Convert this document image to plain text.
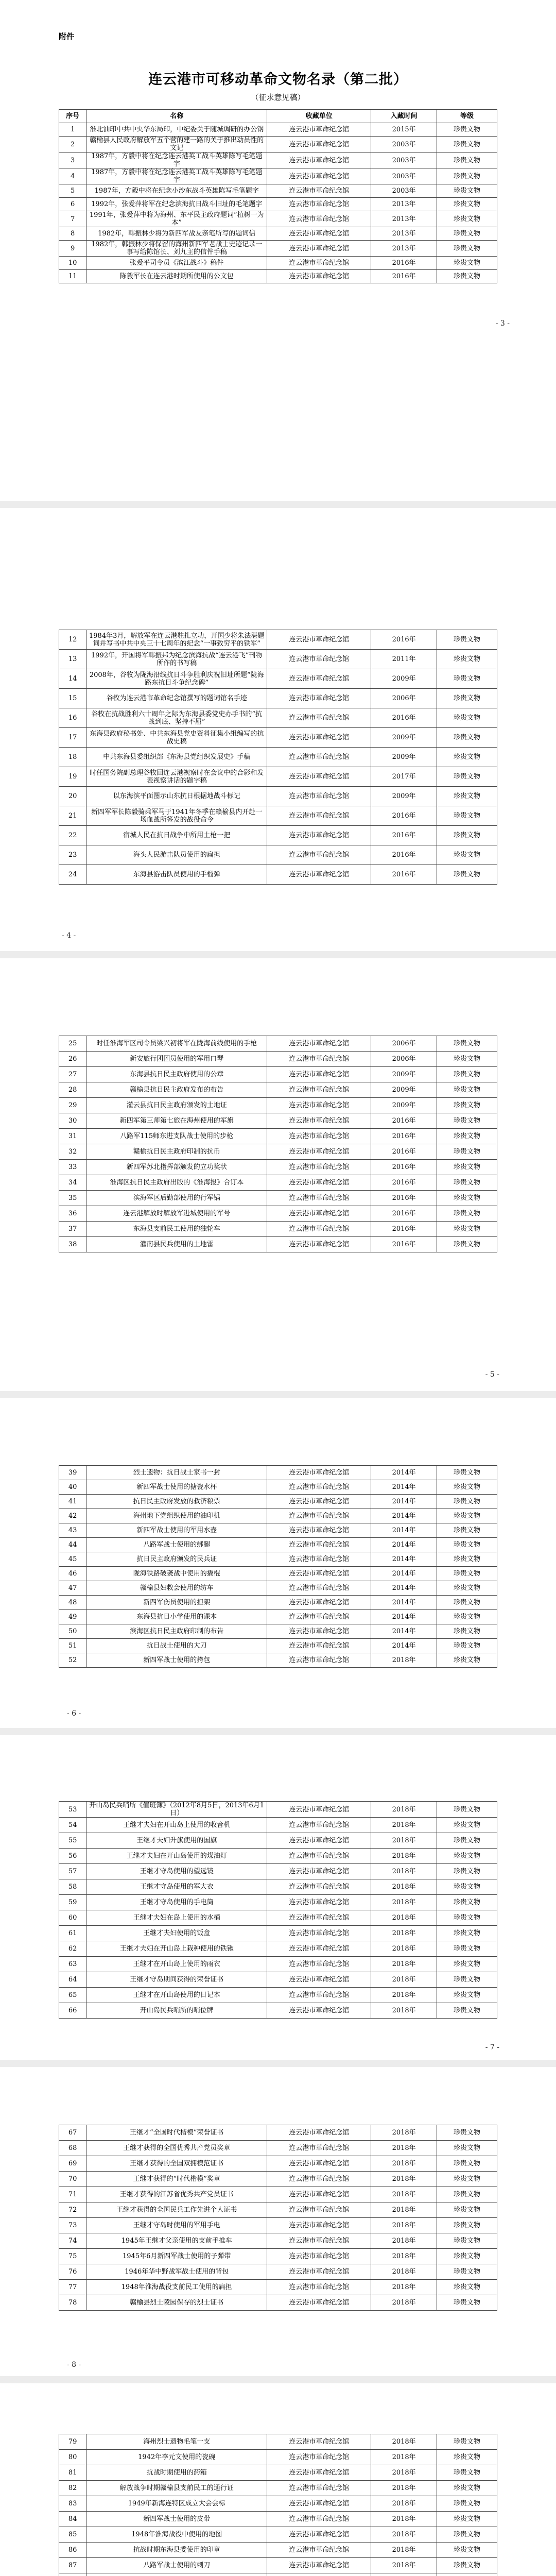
附件
连云港市可移动革命文物名录（第二批）
（征求意见稿）
序号	名称	收藏单位	入藏时间	等级
1	淮北油印中共中央华东局印，中纪委关于随城调研的办公钢	连云港市革命纪念馆	2015年	珍贵文物
2	赣榆县人民政府解放军五个营的建一路的关于推出动员性的文记	连云港市革命纪念馆	2003年	珍贵文物
3	1987年，方毅中将在纪念连云港英工战斗英雄陈写毛笔题字	连云港市革命纪念馆	2003年	珍贵文物
4	1987年，方毅中将在纪念连云港英工战斗英雄陈写毛笔题字	连云港市革命纪念馆	2003年	珍贵文物
5	1987年，方毅中将在纪念小沙东战斗英雄陈写毛笔题字	连云港市革命纪念馆	2003年	珍贵文物
6	1992年，张爱萍将军在纪念滨海抗日战斗旧址的毛笔题字	连云港市革命纪念馆	2013年	珍贵文物
7	1991年，张爱萍中将为海州、东平民主政府题词“植树一为本”	连云港市革命纪念馆	2013年	珍贵文物
8	1982年，韩振林少将为新四军战友亲笔所写的题词信	连云港市革命纪念馆	2013年	珍贵文物
9	1982年，韩振林少将保留的海州新四军老战士史迹记录一事写给陈馆长、刘九主的信件手稿	连云港市革命纪念馆	2013年	珍贵文物
10	张爱平司令员《滨江战斗》稿件	连云港市革命纪念馆	2016年	珍贵文物
11	陈毅军长在连云港时期所使用的公文包	连云港市革命纪念馆	2016年	珍贵文物
- 3 -
12	1984年3月，解放军在连云港驻扎立功，开国少将朱法湛题词并写书中共中央三十七周年的纪念“一事致穷平的铁军”	连云港市革命纪念馆	2016年	珍贵文物
13	1992年，开国将军韩振邦为纪念滨海抗战“连云港飞”刊物所作的书写稿	连云港市革命纪念馆	2011年	珍贵文物
14	2008年，谷牧为陇海沿线抗日斗争胜利庆祝旧址所题“陇海路东抗日斗争纪念碑”	连云港市革命纪念馆	2009年	珍贵文物
15	谷牧为连云港市革命纪念馆撰写的题词馆名手迹	连云港市革命纪念馆	2006年	珍贵文物
16	谷牧在抗战胜利六十周年之际为东海县委党史办手书的“抗战到底、坚持不屈”	连云港市革命纪念馆	2016年	珍贵文物
17	东海县政府秘书处、中共东海县党史资料征集小组编写的抗战史稿	连云港市革命纪念馆	2009年	珍贵文物
18	中共东海县委组织部《东海县党组织发展史》手稿	连云港市革命纪念馆	2009年	珍贵文物
19	时任国务院副总理谷牧回连云港视察时在会议中的合影和发表视察讲话的题字稿	连云港市革命纪念馆	2017年	珍贵文物
20	以东海滨平面图示山东抗日根据地战斗标记	连云港市革命纪念馆	2009年	珍贵文物
21	新四军军长陈毅骑乘军马于1941年冬季在赣榆县内开赴一场血战所签发的战役命令	连云港市革命纪念馆	2016年	珍贵文物
22	宿城人民在抗日战争中所用土枪一把	连云港市革命纪念馆	2016年	珍贵文物
23	海头人民游击队员使用的扁担	连云港市革命纪念馆	2016年	珍贵文物
24	东海县游击队员使用的手榴弹	连云港市革命纪念馆	2016年	珍贵文物
- 4 -
25	时任淮海军区司令员梁兴初将军在陇海前线使用的手枪	连云港市革命纪念馆	2006年	珍贵文物
26	新安旅行团团员使用的军用口琴	连云港市革命纪念馆	2006年	珍贵文物
27	东海县抗日民主政府使用的公章	连云港市革命纪念馆	2009年	珍贵文物
28	赣榆县抗日民主政府发布的布告	连云港市革命纪念馆	2009年	珍贵文物
29	灌云县抗日民主政府颁发的土地证	连云港市革命纪念馆	2009年	珍贵文物
30	新四军第三师第七旅在海州使用的军旗	连云港市革命纪念馆	2016年	珍贵文物
31	八路军115师东进支队战士使用的步枪	连云港市革命纪念馆	2016年	珍贵文物
32	赣榆抗日民主政府印制的抗币	连云港市革命纪念馆	2016年	珍贵文物
33	新四军苏北指挥部颁发的立功奖状	连云港市革命纪念馆	2016年	珍贵文物
34	淮海区抗日民主政府出版的《淮海报》合订本	连云港市革命纪念馆	2016年	珍贵文物
35	滨海军区后勤部使用的行军锅	连云港市革命纪念馆	2016年	珍贵文物
36	连云港解放时解放军进城使用的军号	连云港市革命纪念馆	2016年	珍贵文物
37	东海县支前民工使用的独轮车	连云港市革命纪念馆	2016年	珍贵文物
38	灌南县民兵使用的土地雷	连云港市革命纪念馆	2016年	珍贵文物
- 5 -
39	烈士遗物：抗日战士家书一封	连云港市革命纪念馆	2014年	珍贵文物
40	新四军战士使用的搪瓷水杯	连云港市革命纪念馆	2014年	珍贵文物
41	抗日民主政府发放的救济粮票	连云港市革命纪念馆	2014年	珍贵文物
42	海州地下党组织使用的油印机	连云港市革命纪念馆	2014年	珍贵文物
43	新四军战士使用的军用水壶	连云港市革命纪念馆	2014年	珍贵文物
44	八路军战士使用的绑腿	连云港市革命纪念馆	2014年	珍贵文物
45	抗日民主政府颁发的民兵证	连云港市革命纪念馆	2014年	珍贵文物
46	陇海铁路破袭战中使用的撬棍	连云港市革命纪念馆	2014年	珍贵文物
47	赣榆县妇救会使用的纺车	连云港市革命纪念馆	2014年	珍贵文物
48	新四军伤员使用的担架	连云港市革命纪念馆	2014年	珍贵文物
49	东海县抗日小学使用的课本	连云港市革命纪念馆	2014年	珍贵文物
50	滨海区抗日民主政府印制的布告	连云港市革命纪念馆	2014年	珍贵文物
51	抗日战士使用的大刀	连云港市革命纪念馆	2014年	珍贵文物
52	新四军战士使用的挎包	连云港市革命纪念馆	2018年	珍贵文物
- 6 -
53	开山岛民兵哨所《值班簿》（2012年8月5日，2013年6月1日）	连云港市革命纪念馆	2018年	珍贵文物
54	王继才夫妇在开山岛上使用的收音机	连云港市革命纪念馆	2018年	珍贵文物
55	王继才夫妇升旗使用的国旗	连云港市革命纪念馆	2018年	珍贵文物
56	王继才夫妇在开山岛使用的煤油灯	连云港市革命纪念馆	2018年	珍贵文物
57	王继才守岛使用的望远镜	连云港市革命纪念馆	2018年	珍贵文物
58	王继才守岛使用的军大衣	连云港市革命纪念馆	2018年	珍贵文物
59	王继才守岛使用的手电筒	连云港市革命纪念馆	2018年	珍贵文物
60	王继才夫妇在岛上使用的水桶	连云港市革命纪念馆	2018年	珍贵文物
61	王继才夫妇使用的饭盒	连云港市革命纪念馆	2018年	珍贵文物
62	王继才夫妇在开山岛上栽种使用的铁锹	连云港市革命纪念馆	2018年	珍贵文物
63	王继才在开山岛上使用的雨衣	连云港市革命纪念馆	2018年	珍贵文物
64	王继才守岛期间获得的荣誉证书	连云港市革命纪念馆	2018年	珍贵文物
65	王继才在开山岛使用的日记本	连云港市革命纪念馆	2018年	珍贵文物
66	开山岛民兵哨所的哨位牌	连云港市革命纪念馆	2018年	珍贵文物
- 7 -
67	王继才“全国时代楷模”荣誉证书	连云港市革命纪念馆	2018年	珍贵文物
68	王继才获得的全国优秀共产党员奖章	连云港市革命纪念馆	2018年	珍贵文物
69	王继才获得的全国双拥模范证书	连云港市革命纪念馆	2018年	珍贵文物
70	王继才获得的“时代楷模”奖章	连云港市革命纪念馆	2018年	珍贵文物
71	王继才获得的江苏省优秀共产党员证书	连云港市革命纪念馆	2018年	珍贵文物
72	王继才获得的全国民兵工作先进个人证书	连云港市革命纪念馆	2018年	珍贵文物
73	王继才守岛时使用的军用手电	连云港市革命纪念馆	2018年	珍贵文物
74	1945年王继才父亲使用的支前手推车	连云港市革命纪念馆	2018年	珍贵文物
75	1945年6月新四军战士使用的子弹带	连云港市革命纪念馆	2018年	珍贵文物
76	1946年华中野战军战士使用的背包	连云港市革命纪念馆	2018年	珍贵文物
77	1948年淮海战役支前民工使用的扁担	连云港市革命纪念馆	2018年	珍贵文物
78	赣榆县烈士陵园保存的烈士证书	连云港市革命纪念馆	2018年	珍贵文物
- 8 -
79	海州烈士遗物毛笔一支	连云港市革命纪念馆	2018年	珍贵文物
80	1942年李元文使用的瓷碗	连云港市革命纪念馆	2018年	珍贵文物
81	抗战时期使用的药箱	连云港市革命纪念馆	2018年	珍贵文物
82	解放战争时期赣榆县支前民工的通行证	连云港市革命纪念馆	2018年	珍贵文物
83	1949年新海连特区成立大会会标	连云港市革命纪念馆	2018年	珍贵文物
84	新四军战士使用的皮带	连云港市革命纪念馆	2018年	珍贵文物
85	1948年淮海战役中使用的地图	连云港市革命纪念馆	2018年	珍贵文物
86	抗战时期东海县委使用的印章	连云港市革命纪念馆	2018年	珍贵文物
87	八路军战士使用的刺刀	连云港市革命纪念馆	2018年	珍贵文物
